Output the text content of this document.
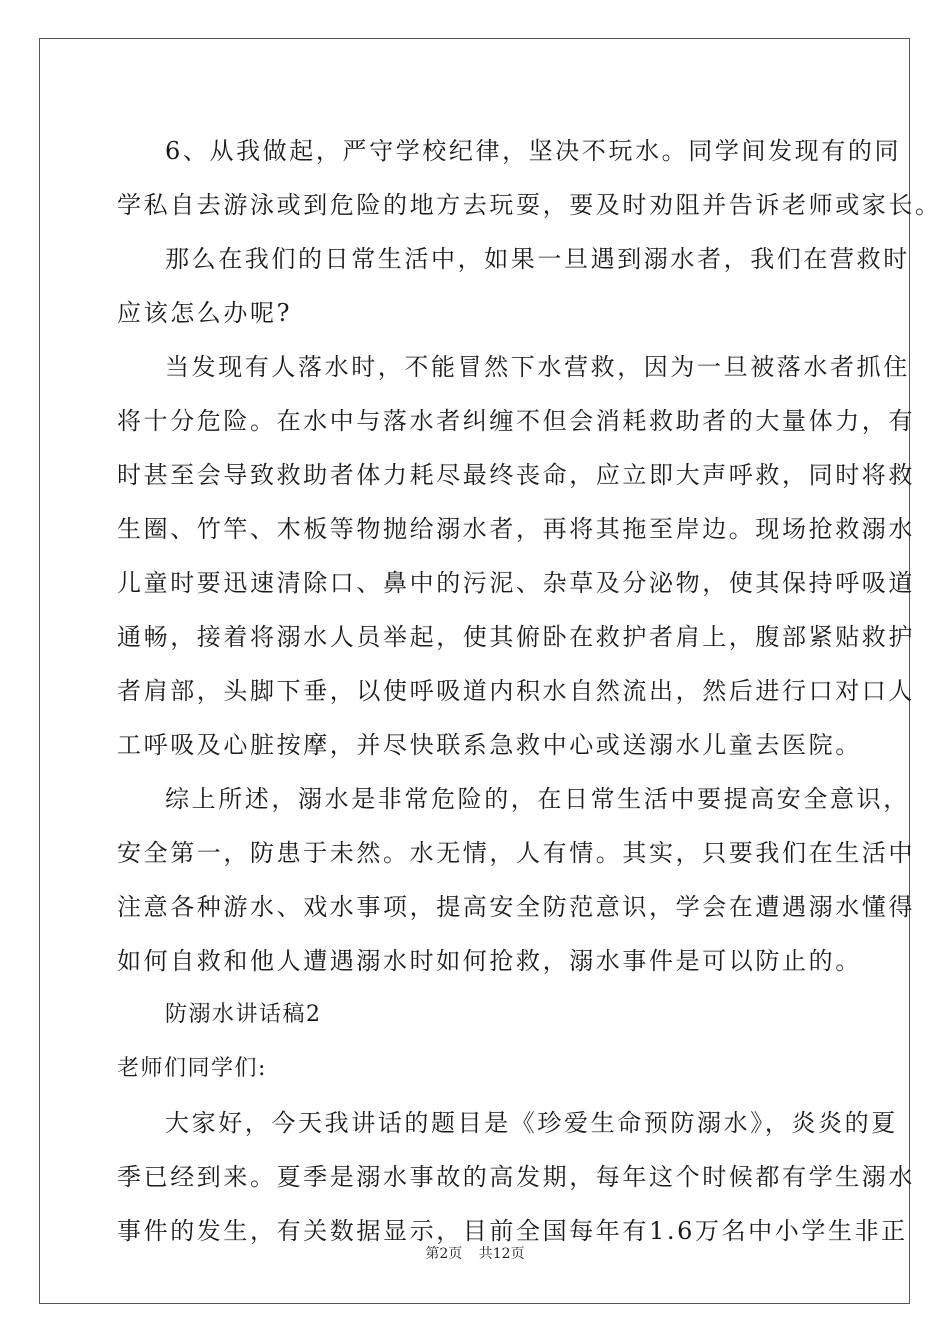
6、从我做起，严守学校纪律，坚决不玩水。同学间发现有的同
学私自去游泳或到危险的地方去玩耍，要及时劝阻并告诉老师或家长。
那么在我们的日常生活中，如果一旦遇到溺水者，我们在营救时
应该怎么办呢?
当发现有人落水时，不能冒然下水营救，因为一旦被落水者抓住
将十分危险。在水中与落水者纠缠不但会消耗救助者的大量体力，有
时甚至会导致救助者体力耗尽最终丧命，应立即大声呼救，同时将救
生圈、竹竿、木板等物抛给溺水者，再将其拖至岸边。现场抢救溺水
儿童时要迅速清除口、鼻中的污泥、杂草及分泌物，使其保持呼吸道
通畅，接着将溺水人员举起，使其俯卧在救护者肩上，腹部紧贴救护
者肩部，头脚下垂，以使呼吸道内积水自然流出，然后进行口对口人
工呼吸及心脏按摩，并尽快联系急救中心或送溺水儿童去医院。
综上所述，溺水是非常危险的，在日常生活中要提高安全意识，
安全第一，防患于未然。水无情，人有情。其实，只要我们在生活中
注意各种游水、戏水事项，提高安全防范意识，学会在遭遇溺水懂得
如何自救和他人遭遇溺水时如何抢救，溺水事件是可以防止的。
防溺水讲话稿2
老师们同学们:
大家好，今天我讲话的题目是《珍爱生命预防溺水》，炎炎的夏
季已经到来。夏季是溺水事故的高发期，每年这个时候都有学生溺水
事件的发生，有关数据显示，目前全国每年有1.6万名中小学生非正
第2页 共12页
